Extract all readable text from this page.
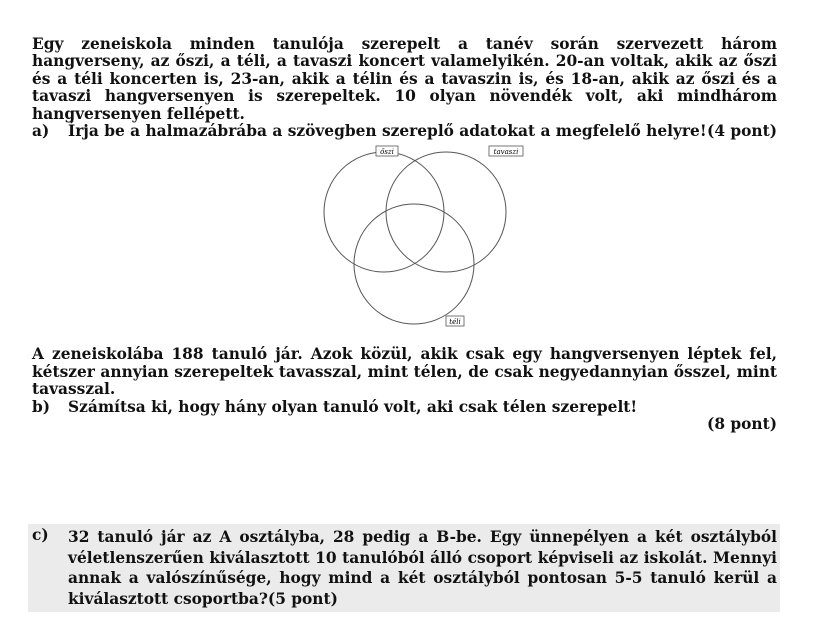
Egy zeneiskola minden tanulója szerepelt a tanév során szervezett három hangverseny, az őszi, a téli, a tavaszi koncert valamelyikén. 20-an voltak, akik az őszi és a téli koncerten is, 23-an, akik a télin és a tavaszin is, és 18-an, akik az őszi és a tavaszi hangversenyen is szerepeltek. 10 olyan növendék volt, aki mindhárom hangversenyen fellépett.

a)	Írja be a halmazábrába a szövegben szereplő adatokat a megfelelő helyre! (4 pont)
őszi	tavaszi
téli

A zeneiskolába 188 tanuló jár. Azok közül, akik csak egy hangversenyen léptek fel, kétszer annyian szerepeltek tavasszal, mint télen, de csak negyedannyian ősszel, mint tavasszal.

b)	Számítsa ki, hogy hány olyan tanuló volt, aki csak télen szerepelt!
(8 pont)
c)	32 tanuló jár az A osztályba, 28 pedig a B-be. Egy ünnepélyen a két osztályból véletlenszerűen kiválasztott 10 tanulóból álló csoport képviseli az iskolát. Mennyi annak a valószínűsége, hogy mind a két osztályból pontosan 5-5 tanuló kerül a kiválasztott csoportba?(5 pont)
